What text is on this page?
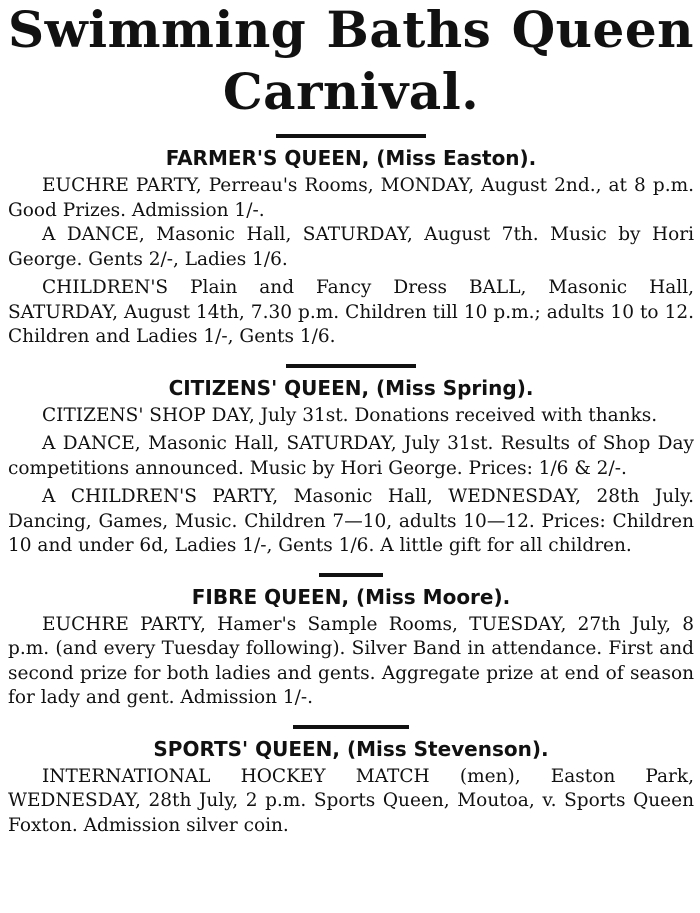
Swimming Baths Queen
Carnival.
FARMER'S QUEEN, (Miss Easton).

EUCHRE PARTY, Perreau's Rooms, MONDAY, August 2nd., at 8 p.m. Good Prizes. Admission 1/-.

A DANCE, Masonic Hall, SATURDAY, August 7th. Music by Hori George. Gents 2/-, Ladies 1/6.

CHILDREN'S Plain and Fancy Dress BALL, Masonic Hall, SATURDAY, August 14th, 7.30 p.m. Children till 10 p.m.; adults 10 to 12. Children and Ladies 1/-, Gents 1/6.

CITIZENS' QUEEN, (Miss Spring).

CITIZENS' SHOP DAY, July 31st. Donations received with thanks.

A DANCE, Masonic Hall, SATURDAY, July 31st. Results of Shop Day competitions announced. Music by Hori George. Prices: 1/6 & 2/-.

A CHILDREN'S PARTY, Masonic Hall, WEDNESDAY, 28th July. Dancing, Games, Music. Children 7—10, adults 10—12. Prices: Children 10 and under 6d, Ladies 1/-, Gents 1/6. A little gift for all children.

FIBRE QUEEN, (Miss Moore).

EUCHRE PARTY, Hamer's Sample Rooms, TUESDAY, 27th July, 8 p.m. (and every Tuesday following). Silver Band in attendance. First and second prize for both ladies and gents. Aggregate prize at end of season for lady and gent. Admission 1/-.

SPORTS' QUEEN, (Miss Stevenson).

INTERNATIONAL HOCKEY MATCH (men), Easton Park, WEDNESDAY, 28th July, 2 p.m. Sports Queen, Moutoa, v. Sports Queen Foxton. Admission silver coin.
